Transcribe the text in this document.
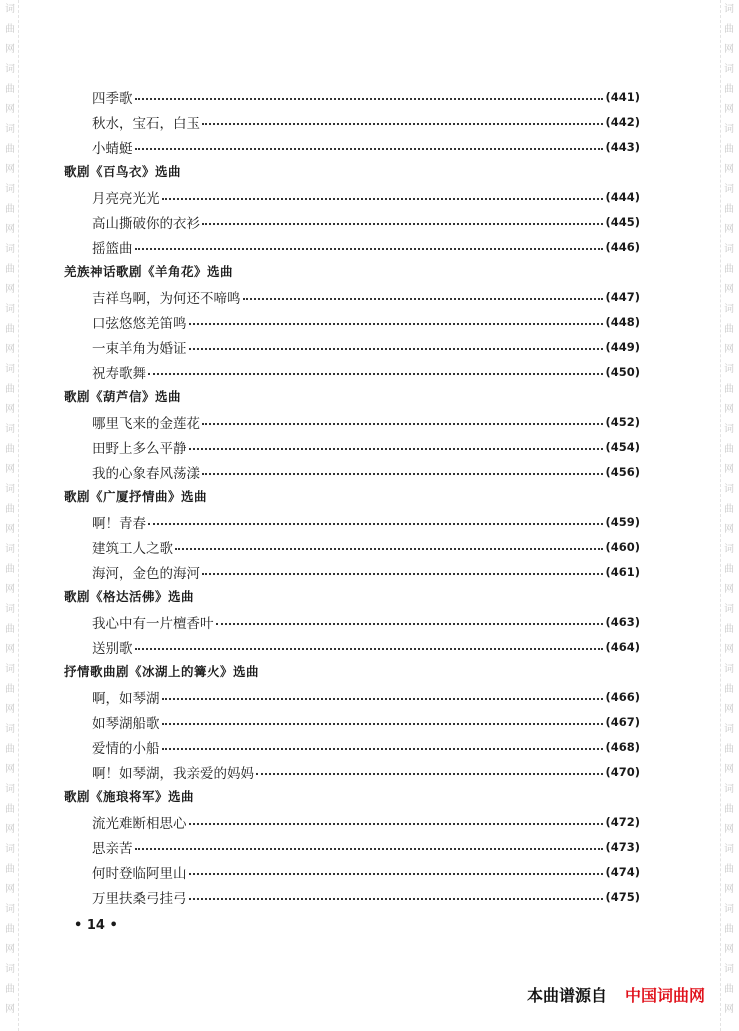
词
曲
网
词
曲
网
词
曲
网
词
曲
网
词
曲
网
词
曲
网
词
曲
网
词
曲
网
词
曲
网
词
曲
网
词
曲
网
词
曲
网
词
曲
网
词
曲
网
词
曲
网
词
曲
网
词
曲
网
词
曲
网
词
曲
网
词
曲
网
词
曲
网
词
曲
网
词
曲
网
词
曲
网
词
曲
网
词
曲
网
词
曲
网
词
曲
网
词
曲
网
词
曲
网
词
曲
网
词
曲
网
词
曲
网
词
曲
网
四季歌	(441)
秋水，宝石，白玉	(442)
小蜻蜓	(443)
歌剧《百鸟衣》选曲
月亮亮光光	(444)
高山撕破你的衣衫	(445)
摇篮曲	(446)
羌族神话歌剧《羊角花》选曲
吉祥鸟啊，为何还不啼鸣	(447)
口弦悠悠羌笛鸣	(448)
一束羊角为婚证	(449)
祝寿歌舞	(450)
歌剧《葫芦信》选曲
哪里飞来的金莲花	(452)
田野上多么平静	(454)
我的心象春风荡漾	(456)
歌剧《广厦抒情曲》选曲
啊！青春	(459)
建筑工人之歌	(460)
海河，金色的海河	(461)
歌剧《格达活佛》选曲
我心中有一片檀香叶	(463)
送别歌	(464)
抒情歌曲剧《冰湖上的篝火》选曲
啊，如琴湖	(466)
如琴湖船歌	(467)
爱情的小船	(468)
啊！如琴湖，我亲爱的妈妈	(470)
歌剧《施琅将军》选曲
流光难断相思心	(472)
思亲苦	(473)
何时登临阿里山	(474)
万里扶桑弓挂弓	(475)
• 14 •
本曲谱源自 中国词曲网
